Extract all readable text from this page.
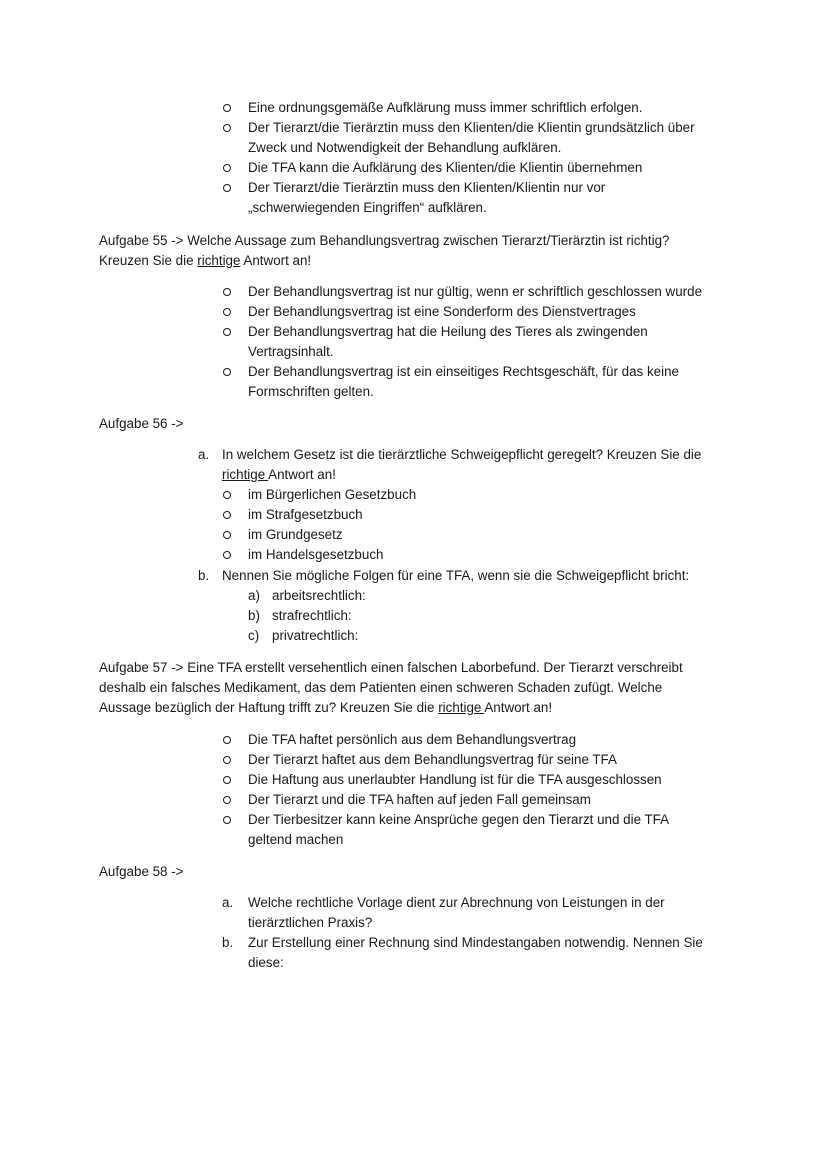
Eine ordnungsgemäße Aufklärung muss immer schriftlich erfolgen.
Der Tierarzt/die Tierärztin muss den Klienten/die Klientin grundsätzlich über
Zweck und Notwendigkeit der Behandlung aufklären.
Die TFA kann die Aufklärung des Klienten/die Klientin übernehmen
Der Tierarzt/die Tierärztin muss den Klienten/Klientin nur vor
„schwerwiegenden Eingriffen“ aufklären.
Aufgabe 55 -> Welche Aussage zum Behandlungsvertrag zwischen Tierarzt/Tierärztin ist richtig?
Kreuzen Sie die richtige Antwort an!
Der Behandlungsvertrag ist nur gültig, wenn er schriftlich geschlossen wurde
Der Behandlungsvertrag ist eine Sonderform des Dienstvertrages
Der Behandlungsvertrag hat die Heilung des Tieres als zwingenden
Vertragsinhalt.
Der Behandlungsvertrag ist ein einseitiges Rechtsgeschäft, für das keine
Formschriften gelten.
Aufgabe 56 ->
a. In welchem Gesetz ist die tierärztliche Schweigepflicht geregelt? Kreuzen Sie die
richtige Antwort an!
im Bürgerlichen Gesetzbuch
im Strafgesetzbuch
im Grundgesetz
im Handelsgesetzbuch
b. Nennen Sie mögliche Folgen für eine TFA, wenn sie die Schweigepflicht bricht:
a) arbeitsrechtlich:
b) strafrechtlich:
c) privatrechtlich:
Aufgabe 57 -> Eine TFA erstellt versehentlich einen falschen Laborbefund. Der Tierarzt verschreibt
deshalb ein falsches Medikament, das dem Patienten einen schweren Schaden zufügt. Welche
Aussage bezüglich der Haftung trifft zu? Kreuzen Sie die richtige Antwort an!
Die TFA haftet persönlich aus dem Behandlungsvertrag
Der Tierarzt haftet aus dem Behandlungsvertrag für seine TFA
Die Haftung aus unerlaubter Handlung ist für die TFA ausgeschlossen
Der Tierarzt und die TFA haften auf jeden Fall gemeinsam
Der Tierbesitzer kann keine Ansprüche gegen den Tierarzt und die TFA
geltend machen
Aufgabe 58 ->
a. Welche rechtliche Vorlage dient zur Abrechnung von Leistungen in der
tierärztlichen Praxis?
b. Zur Erstellung einer Rechnung sind Mindestangaben notwendig. Nennen Sie
diese:
